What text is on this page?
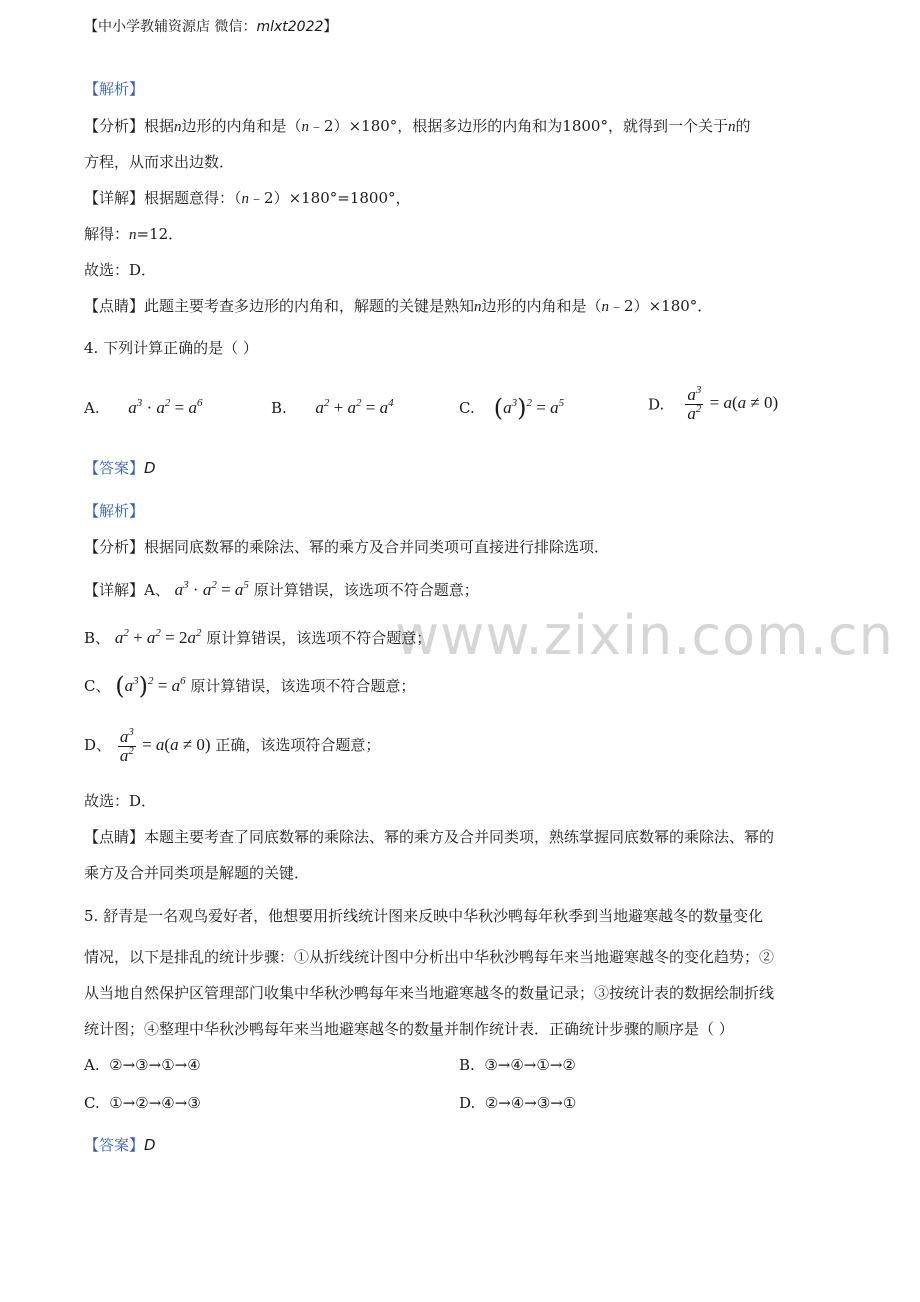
【中小学教辅资源店 微信：mlxt2022】
www.zixin.com.cn
【解析】
【分析】根据n边形的内角和是（n﹣2）×180°，根据多边形的内角和为1800°，就得到一个关于n的
方程，从而求出边数．
【详解】根据题意得：（n﹣2）×180°=1800°，
解得：n=12．
故选：D．
【点睛】此题主要考查多边形的内角和，解题的关键是熟知n边形的内角和是（n﹣2）×180°．
4. 下列计算正确的是（ ）
A. $a^3 \cdot a^2 = a^6$	B. $a^2 + a^2 = a^4$	C. $(a^3)^2 = a^5$	D. $\frac{a^3}{a^2} = a(a \ne 0)$
【答案】D
【解析】
【分析】根据同底数幂的乘除法、幂的乘方及合并同类项可直接进行排除选项．
【详解】A、 $a^3 \cdot a^2 = a^5$ 原计算错误，该选项不符合题意；
B、 $a^2 + a^2 = 2a^2$ 原计算错误，该选项不符合题意；
C、 $(a^3)^2 = a^6$ 原计算错误，该选项不符合题意；
D、 $\frac{a^3}{a^2} = a(a \ne 0)$ 正确，该选项符合题意；
故选：D．
【点睛】本题主要考查了同底数幂的乘除法、幂的乘方及合并同类项，熟练掌握同底数幂的乘除法、幂的
乘方及合并同类项是解题的关键．
5. 舒青是一名观鸟爱好者，他想要用折线统计图来反映中华秋沙鸭每年秋季到当地避寒越冬的数量变化
情况，以下是排乱的统计步骤：①从折线统计图中分析出中华秋沙鸭每年来当地避寒越冬的变化趋势；②
从当地自然保护区管理部门收集中华秋沙鸭每年来当地避寒越冬的数量记录；③按统计表的数据绘制折线
统计图；④整理中华秋沙鸭每年来当地避寒越冬的数量并制作统计表．正确统计步骤的顺序是（ ）
A. ②→③→①→④	B. ③→④→①→②
C. ①→②→④→③	D. ②→④→③→①
【答案】D
